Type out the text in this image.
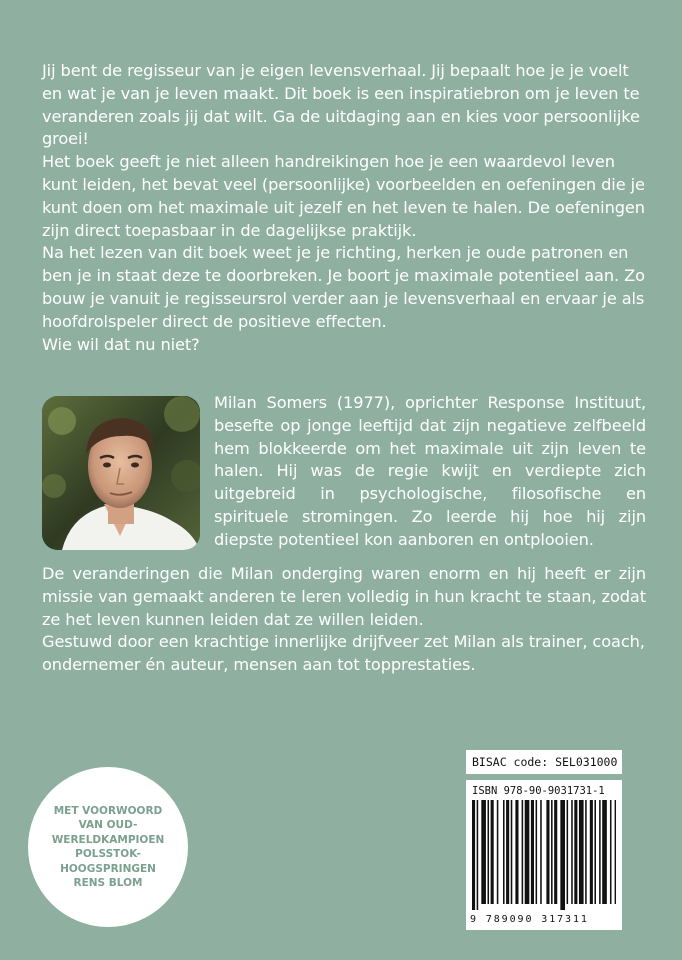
Jij bent de regisseur van je eigen levensverhaal. Jij bepaalt hoe je je voelt en wat je van je leven maakt. Dit boek is een inspiratiebron om je leven te veranderen zoals jij dat wilt. Ga de uitdaging aan en kies voor persoonlijke groei!

Het boek geeft je niet alleen handreikingen hoe je een waardevol leven kunt leiden, het bevat veel (persoonlijke) voorbeelden en oefeningen die je kunt doen om het maximale uit jezelf en het leven te halen. De oefeningen zijn direct toepasbaar in de dagelijkse praktijk.

Na het lezen van dit boek weet je je richting, herken je oude patronen en ben je in staat deze te doorbreken. Je boort je maximale potentieel aan. Zo bouw je vanuit je regisseursrol verder aan je levensverhaal en ervaar je als hoofdrolspeler direct de positieve effecten.

Wie wil dat nu niet?

Milan Somers (1977), oprichter Response Instituut, besefte op jonge leeftijd dat zijn negatieve zelfbeeld hem blokkeerde om het maximale uit zijn leven te halen. Hij was de regie kwijt en verdiepte zich uitgebreid in psychologische, filosofische en spirituele stromingen. Zo leerde hij hoe hij zijn diepste potentieel kon aanboren en ontplooien.

De veranderingen die Milan onderging waren enorm en hij heeft er zijn missie van gemaakt anderen te leren volledig in hun kracht te staan, zodat ze het leven kunnen leiden dat ze willen leiden.

Gestuwd door een krachtige innerlijke drijfveer zet Milan als trainer, coach, ondernemer én auteur, mensen aan tot topprestaties.

MET VOORWOORD
VAN OUD-
WERELDKAMPIOEN
POLSSTOK-
HOOGSPRINGEN
RENS BLOM
BISAC code: SEL031000
ISBN 978-90-9031731-1
9 789090 317311
